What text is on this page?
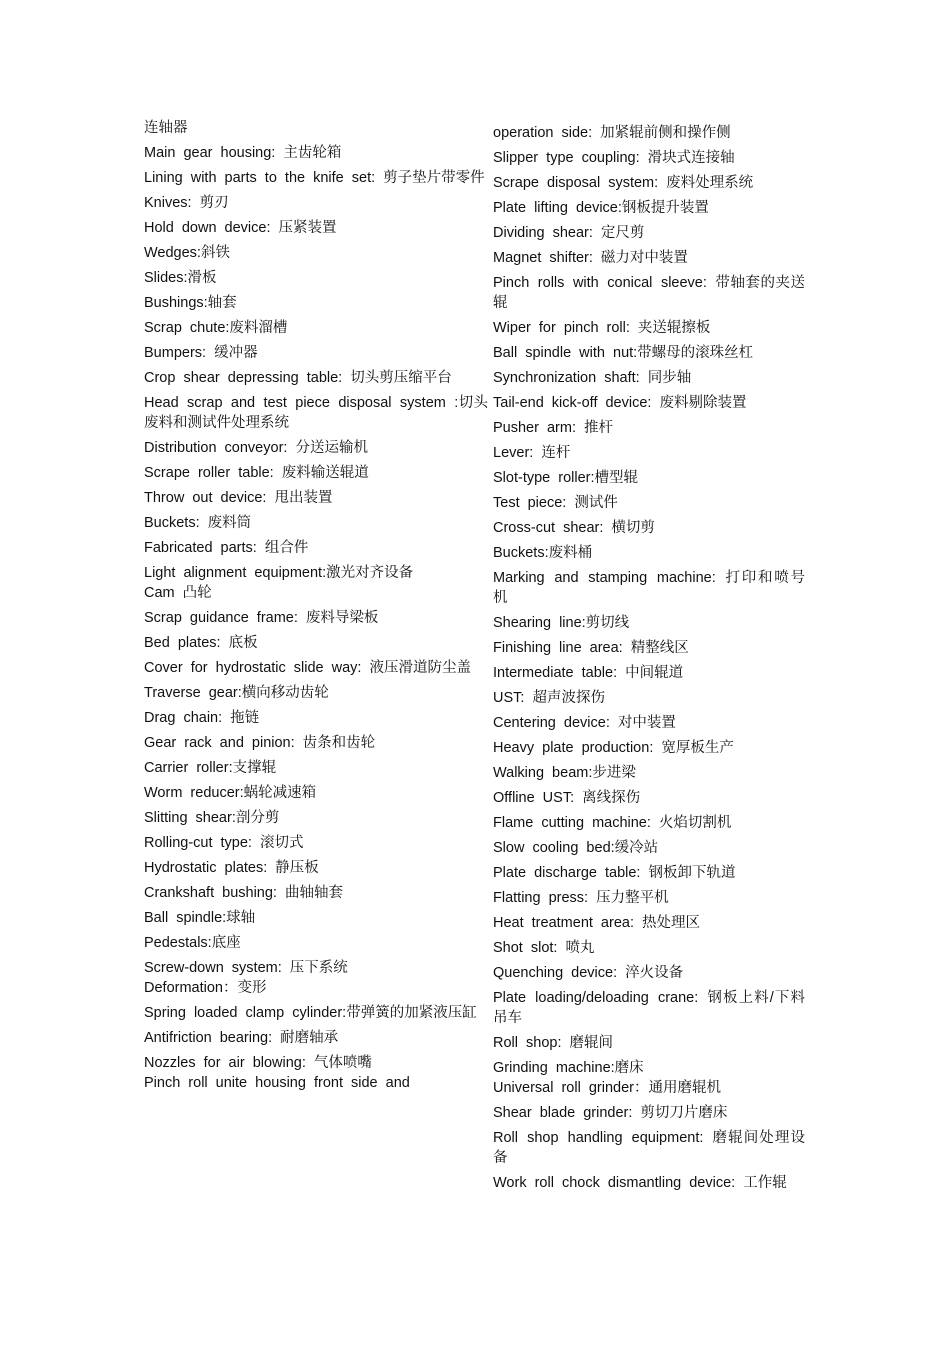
连轴器
Main gear housing: 主齿轮箱
Lining with parts to the knife set: 剪子垫片带零件
Knives: 剪刃
Hold down device: 压紧装置
Wedges:斜铁
Slides:滑板
Bushings:轴套
Scrap chute:废料溜槽
Bumpers: 缓冲器
Crop shear depressing table: 切头剪压缩平台
Head scrap and test piece disposal system :切头废料和测试件处理系统
Distribution conveyor: 分送运输机
Scrape roller table: 废料输送辊道
Throw out device: 甩出装置
Buckets: 废料筒
Fabricated parts: 组合件
Light alignment equipment:激光对齐设备
Cam 凸轮
Scrap guidance frame: 废料导梁板
Bed plates: 底板
Cover for hydrostatic slide way: 液压滑道防尘盖
Traverse gear:横向移动齿轮
Drag chain: 拖链
Gear rack and pinion: 齿条和齿轮
Carrier roller:支撑辊
Worm reducer:蜗轮减速箱
Slitting shear:剖分剪
Rolling-cut type: 滚切式
Hydrostatic plates: 静压板
Crankshaft bushing: 曲轴轴套
Ball spindle:球轴
Pedestals:底座
Screw-down system: 压下系统
Deformation：变形
Spring loaded clamp cylinder:带弹簧的加紧液压缸
Antifriction bearing: 耐磨轴承
Nozzles for air blowing: 气体喷嘴
Pinch roll unite housing front side and
operation side: 加紧辊前侧和操作侧
Slipper type coupling: 滑块式连接轴
Scrape disposal system: 废料处理系统
Plate lifting device:钢板提升装置
Dividing shear: 定尺剪
Magnet shifter: 磁力对中装置
Pinch rolls with conical sleeve: 带轴套的夹送辊
Wiper for pinch roll: 夹送辊擦板
Ball spindle with nut:带螺母的滚珠丝杠
Synchronization shaft: 同步轴
Tail-end kick-off device: 废料剔除装置
Pusher arm: 推杆
Lever: 连杆
Slot-type roller:槽型辊
Test piece: 测试件
Cross-cut shear: 横切剪
Buckets:废料桶
Marking and stamping machine: 打印和喷号机
Shearing line:剪切线
Finishing line area: 精整线区
Intermediate table: 中间辊道
UST: 超声波探伤
Centering device: 对中装置
Heavy plate production: 宽厚板生产
Walking beam:步进梁
Offline UST: 离线探伤
Flame cutting machine: 火焰切割机
Slow cooling bed:缓冷站
Plate discharge table: 钢板卸下轨道
Flatting press: 压力整平机
Heat treatment area: 热处理区
Shot slot: 喷丸
Quenching device: 淬火设备
Plate loading/deloading crane: 钢板上料/下料吊车
Roll shop: 磨辊间
Grinding machine:磨床
Universal roll grinder：通用磨辊机
Shear blade grinder: 剪切刀片磨床
Roll shop handling equipment: 磨辊间处理设备
Work roll chock dismantling device: 工作辊
